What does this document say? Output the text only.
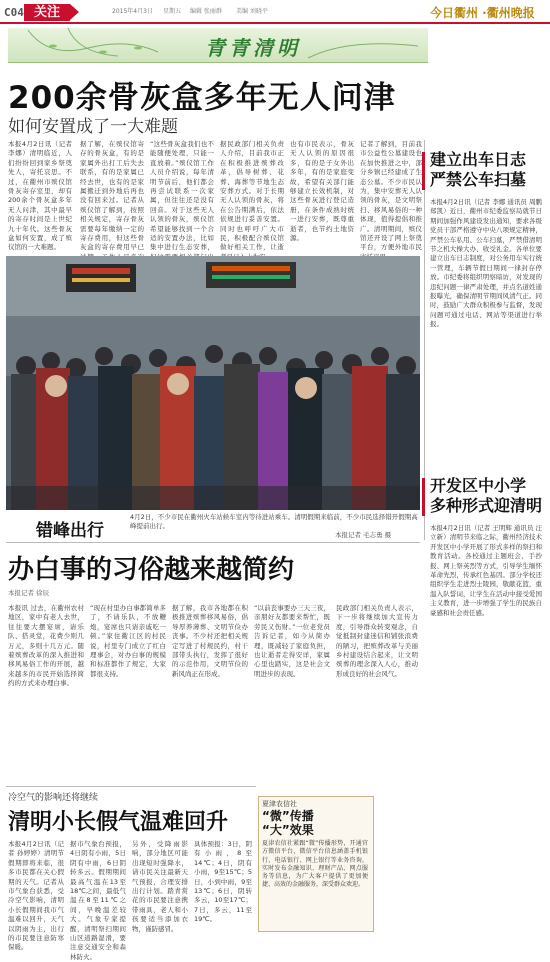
C04 关注	2015年4月3日 星期五 编辑 张丽群 美编 刘晓平	今日衢州 ·衢州晚报
青青清明
200余骨灰盒多年无人问津
如何安置成了一大难题
本报4月2日讯（记者 李娜）清明临近，人们纷纷回到家乡祭奠先人，寄托哀思。不过，在衢州市殡仪馆骨灰寄存室里，却有200余个骨灰盒多年无人问津，其中最早的寄存时间是上世纪九十年代。这些骨灰盒如何安置，成了殡仪馆的一大难题。
据了解，在殡仪馆寄存的骨灰盒，有的是家属外出打工后失去联系，有的是家属已经去世，也有的是家属搬迁到外地后再也没有回来过。记者从殡仪馆了解到，按照相关规定，寄存骨灰需要每年缴纳一定的寄存费用，但这些骨灰盒的寄存费用早已
“这些骨灰盒我们也不能随便处理，只能一直放着。”殡仪馆工作人员介绍说，每年清明节前后，他们都会再尝试联系一次家属，但往往还是没有回音。对于这些无人认领的骨灰，殡仪馆希望能够找到一个合适的安置办法，比如集中进行生态安葬，
据民政部门相关负责人介绍，目前我市正在积极推进殡葬改革，倡导树葬、花葬、海葬等节地生态安葬方式。对于长期无人认领的骨灰，将在公告期满后，依法依规进行妥善安置。同时也呼吁广大市民，积极配合殡仪馆做好相关工作，让逝
也有市民表示，骨灰无人认领的原因很多，有的是子女外出多年，有的是家庭变故，希望有关部门能够建立长效机制，对这些骨灰进行登记造册，在条件成熟时统一进行安葬，既尊重逝者，也节约土地资源。
记者了解到，目前我市公益性公墓建设也在加快推进之中，部分乡镇已经建成了生态公墓。不少市民认为，集中安葬无人认领的骨灰，是文明祭扫、移风易俗的一种体现，值得提倡和推广。清明期间，殡仪馆还开设了网上祭奠平台，方便外地市民
错峰出行
4月2日，不少市民在衢州火车站候车室内等待进站乘车。清明假期来临前，不少市民选择错开假期高峰提前出行。
本报记者 毛志勇 摄
办白事的习俗越来越简约
本报记者 徐辰
本报讯 过去，在衢州农村地区，家中有老人去世，往往要大摆宴席，请乐队、搭灵堂，花费少则几万元，多则十几万元。随着殡葬改革的深入推进和移风易俗工作的开展，越来越多的市民开始选择简约的方式来办理白事。
“现在村里办白事都简单多了，不请乐队，不放鞭炮，宴席也只请亲戚吃一顿。”家住衢江区的村民说，村里专门成立了红白理事会，对办白事的规模和标准都作了规定，大家都很支持。
据了解，我市各地都在积极推进殡葬移风易俗，倡导厚养薄葬、文明节俭办丧事。不少村还把相关规定写进了村规民约，村干部带头执行，发挥了很好的示范作用，文明节俭的新风尚正在形成。
“以前丧事要办三天三夜，亲朋好友都要来帮忙，既劳民又伤财。”一位老党员告诉记者，如今从简办理，既减轻了家庭负担，也让逝者走得安详，家属心里也踏实，这是社会文明进步的表现。
民政部门相关负责人表示，下一步将继续加大宣传力度，引导群众转变观念，自觉抵制封建迷信和铺张浪费的陋习，把殡葬改革与美丽乡村建设结合起来，让文明殡葬的理念深入人心，推动形成良好的社会风气。
建立出车日志
严禁公车扫墓
本报4月2日讯（记者 李娜 通讯员 周鹏 郑凯）近日，衢州市纪委监察局就节日期间加强作风建设发出通知，要求各级党员干部严格遵守中央八项规定精神，严禁公车私用、公车扫墓，严禁借清明节之机大操大办、收受礼金。各单位要建立出车日志制度，对公务用车实行统一管理，车辆节假日期间一律封存停放。市纪委将组织明察暗访，对发现的违纪问题一律严肃处理，并点名道姓通报曝光，确保清明节期间风清气正。同时，鼓励广大群众积极参与监督，发现问题可通过电话、网站等渠道进行举报。
开发区中小学
多种形式迎清明
本报4月2日讯（记者 王明辉 通讯员 汪立新）清明节来临之际，衢州经济技术开发区中小学开展了形式多样的祭扫和教育活动。各校通过主题班会、手抄报、网上祭英烈等方式，引导学生缅怀革命先烈，传承红色基因。部分学校还组织学生走进烈士陵园，敬献花篮，重温入队誓词，让学生在活动中接受爱国主义教育，进一步增强了学生的民族自豪感和社会责任感。
冷空气的影响还将继续
清明小长假气温难回升
本报4月2日讯（记者 孙婷婷）清明节假期即将来临，很多市民都在关心假期的天气。记者从市气象台获悉，受冷空气影响，清明小长假期间我市气温难以回升，天气以阴雨为主，出行的市民要注意防寒保暖。
据市气象台预报，4日阴有小雨，5日阴有中雨，6日阴转多云。假期期间最高气温在13至18℃之间，最低气温在8至11℃之间，早晚温差较大。气象专家提醒，清明祭扫期间山区道路湿滑，要注意交通安全和森林防火。
另外，受降雨影响，部分地区可能出现短时强降水，请市民关注最新天气预报，合理安排出行计划。踏青赏花的市民要注意携带雨具，老人和小孩要适当添加衣物，谨防感冒。
具体预报：3日，阴有小雨，8至14℃；4日，阴有小雨，9至15℃；5日，小到中雨，9至13℃；6日，阴转多云，10至17℃；7日，多云，11至19℃。
夏津农信社
“微”传播
“大”效果
夏津农信社紧跟“微”传播形势，开通官方微信平台，微信平台信息涵盖手机银行、电话银行、网上银行等业务咨询，实时发布金融知识、理财产品、网点服务等信息，为广大客户提供了更加便捷、高效的金融服务，深受群众欢迎。
